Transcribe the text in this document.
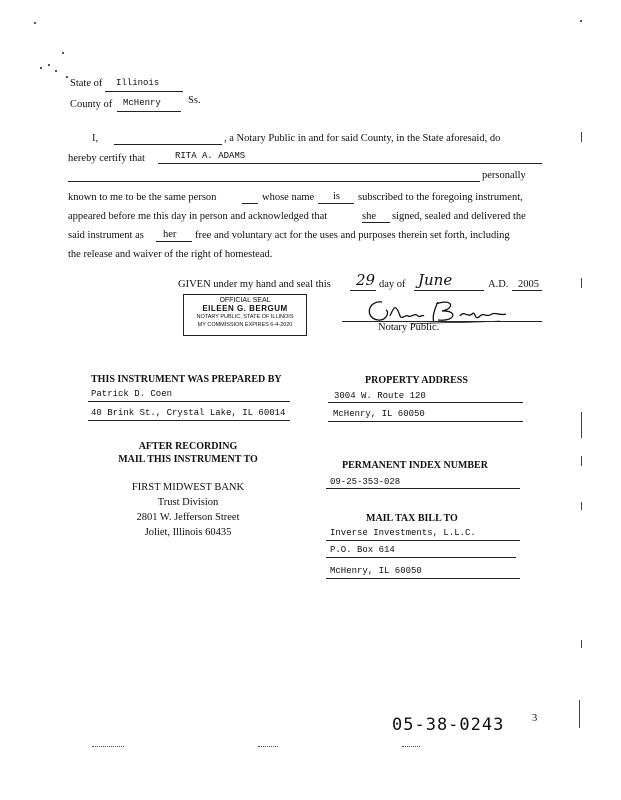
State of Illinois
County of McHenry	Ss.
I,	, a Notary Public in and for said County, in the State aforesaid, do
hereby certify that	RITA A. ADAMS
personally
known to me to be the same person	whose name is subscribed to the foregoing instrument,
appeared before me this day in person and acknowledged that	she signed, sealed and delivered the
said instrument as her free and voluntary act for the uses and purposes therein set forth, including
the release and waiver of the right of homestead.
GIVEN under my hand and seal this 29 day of June	A.D. 2005
OFFICIAL SEAL
EILEEN G. BERGUM
NOTARY PUBLIC, STATE OF ILLINOIS
MY COMMISSION EXPIRES 6-4-2020	Notary Public.
THIS INSTRUMENT WAS PREPARED BY
Patrick D. Coen
40 Brink St., Crystal Lake, IL 60014
PROPERTY ADDRESS
3004 W. Route 120
McHenry, IL 60050
AFTER RECORDING
MAIL THIS INSTRUMENT TO
FIRST MIDWEST BANK
Trust Division
2801 W. Jefferson Street
Joliet, Illinois 60435
PERMANENT INDEX NUMBER
09-25-353-028
MAIL TAX BILL TO
Inverse Investments, L.L.C.
P.O. Box 614
McHenry, IL 60050
05-38-0243	3
